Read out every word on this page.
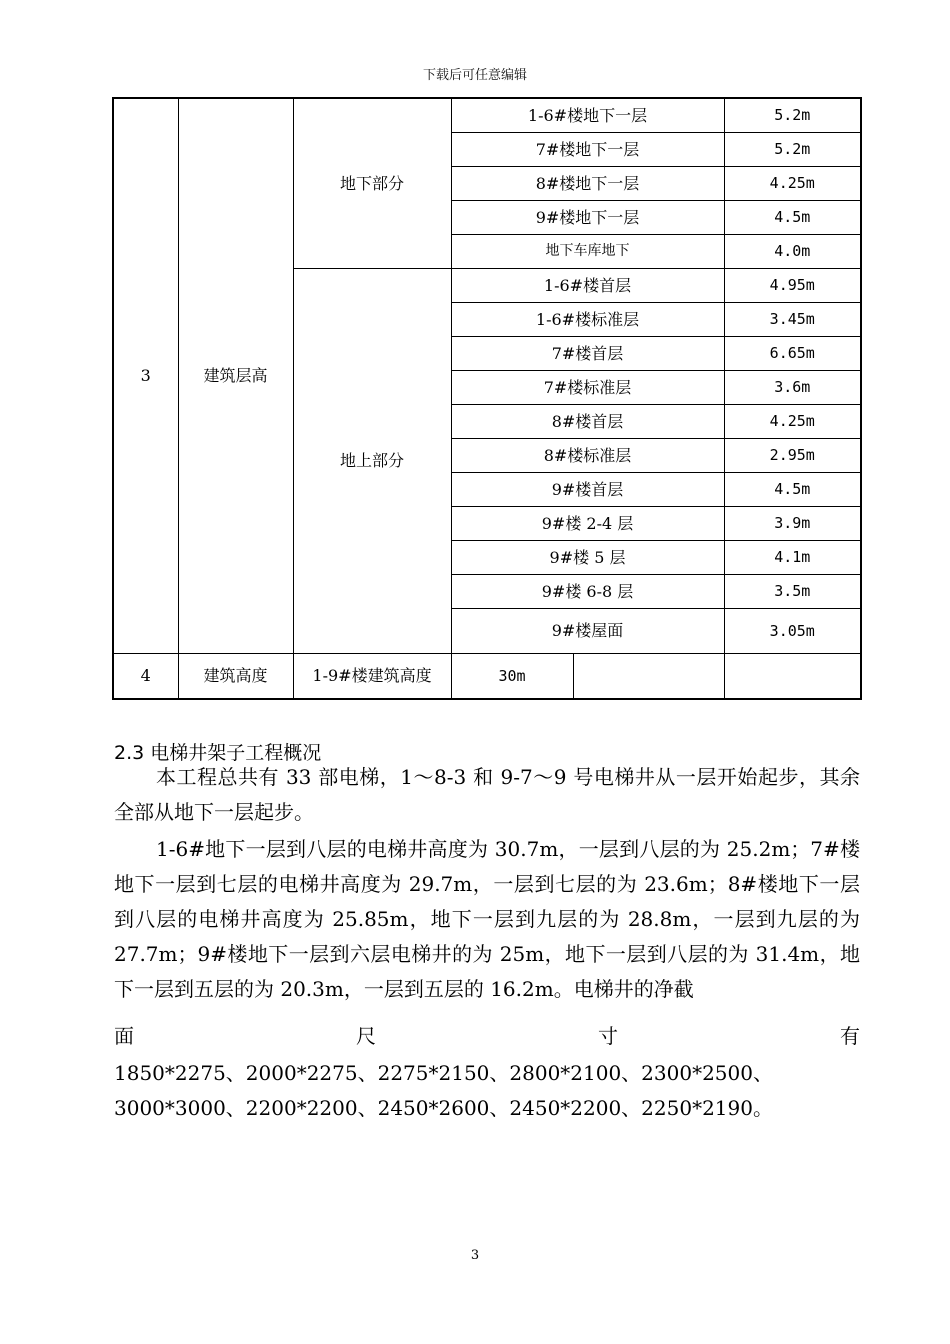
下载后可任意编辑
3	建筑层高	地下部分	1-6#楼地下一层		5.2m
			7#楼地下一层		5.2m
			8#楼地下一层		4.25m
			9#楼地下一层		4.5m
			地下车库地下		4.0m
		地上部分	1-6#楼首层		4.95m
			1-6#楼标准层		3.45m
			7#楼首层		6.65m
			7#楼标准层		3.6m
			8#楼首层		4.25m
			8#楼标准层		2.95m
			9#楼首层		4.5m
			9#楼 2-4 层		3.9m
			9#楼 5 层		4.1m
			9#楼 6-8 层		3.5m
			9#楼屋面		3.05m
4	建筑高度	1-9#楼建筑高度	30m		
2.3 电梯井架子工程概况
本工程总共有 33 部电梯，1～8-3 和 9-7～9 号电梯井从一层开始起步，其余全部从地下一层起步。
1-6#地下一层到八层的电梯井高度为 30.7m，一层到八层的为 25.2m；7#楼地下一层到七层的电梯井高度为 29.7m，一层到七层的为 23.6m；8#楼地下一层到八层的电梯井高度为 25.85m，地下一层到九层的为 28.8m，一层到九层的为 27.7m；9#楼地下一层到六层电梯井的为 25m，地下一层到八层的为 31.4m，地下一层到五层的为 20.3m，一层到五层的 16.2m。电梯井的净截
面	尺	寸	有
1850*2275、2000*2275、2275*2150、2800*2100、2300*2500、3000*3000、2200*2200、2450*2600、2450*2200、2250*2190。
3
